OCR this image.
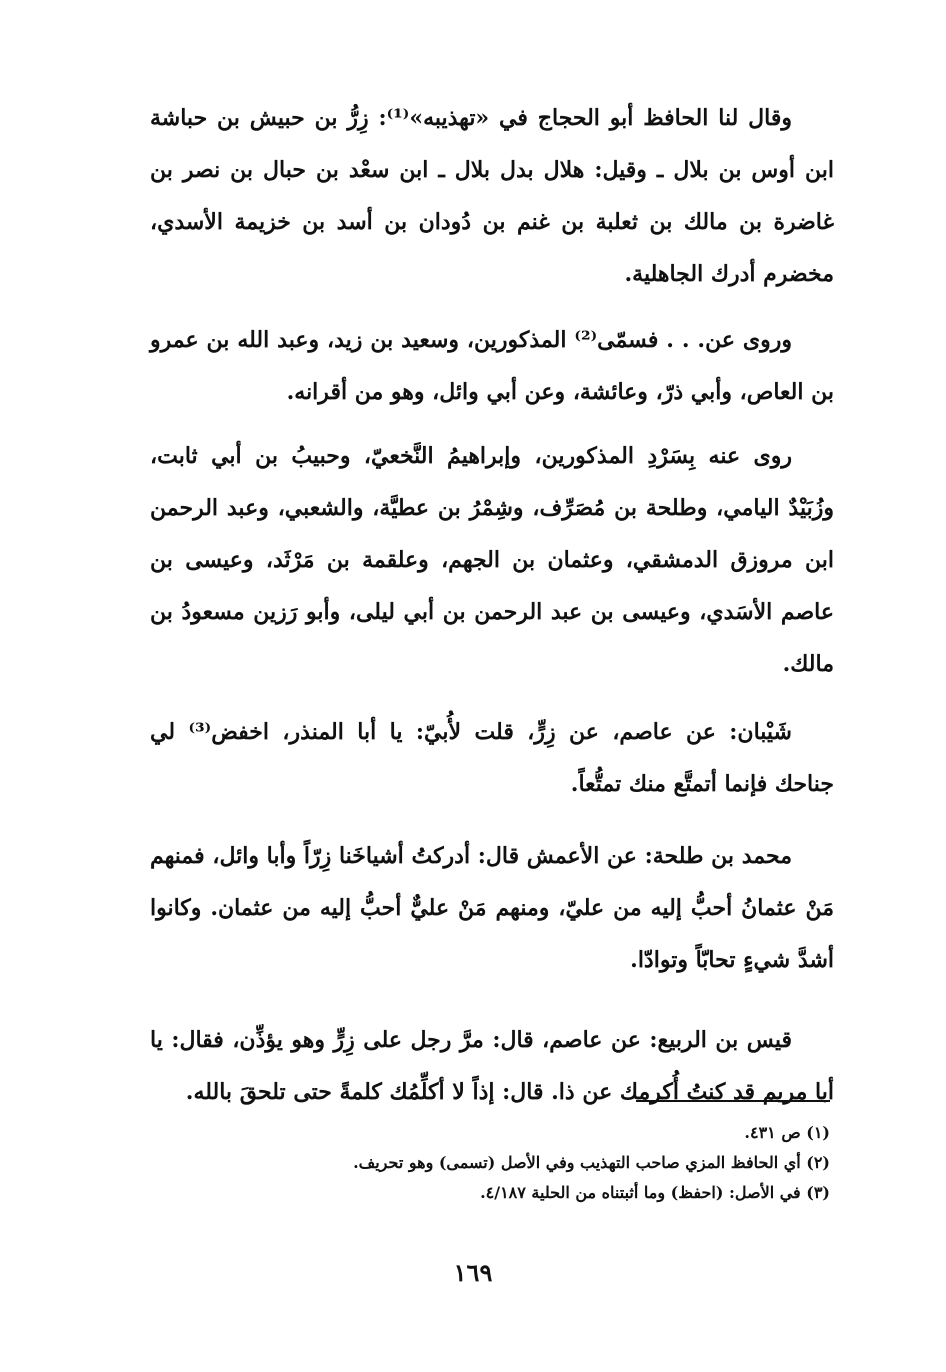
وقال لنا الحافظ أبو الحجاج في «تهذيبه»⁽¹⁾: زِرُّ بن حبيش بن حباشة ابن أوس بن بلال ـ وقيل: هلال بدل بلال ـ ابن سعْد بن حبال بن نصر بن غاضرة بن مالك بن ثعلبة بن غنم بن دُودان بن أسد بن خزيمة الأسدي، مخضرم أدرك الجاهلية.

وروى عن. . . فسمّى⁽²⁾ المذكورين، وسعيد بن زيد، وعبد الله بن عمرو بن العاص، وأبي ذرّ، وعائشة، وعن أبي وائل، وهو من أقرانه.

روى عنه بِسَرْدِ المذكورين، وإبراهيمُ النَّخعيّ، وحبيبُ بن أبي ثابت، وزُبَيْدٌ اليامي، وطلحة بن مُصَرِّف، وشِمْرُ بن عطيَّة، والشعبي، وعبد الرحمن ابن مروزق الدمشقي، وعثمان بن الجهم، وعلقمة بن مَرْثَد، وعيسى بن عاصم الأسَدي، وعيسى بن عبد الرحمن بن أبي ليلى، وأبو رَزين مسعودُ بن مالك.

شَيْبان: عن عاصم، عن زِرٍّ، قلت لأُبيّ: يا أبا المنذر، اخفض⁽³⁾ لي جناحك فإنما أتمتَّع منك تمتُّعاً.

محمد بن طلحة: عن الأعمش قال: أدركتُ أشياخَنا زِرّاً وأبا وائل، فمنهم مَنْ عثمانُ أحبُّ إليه من عليّ، ومنهم مَنْ عليٌّ أحبُّ إليه من عثمان. وكانوا أشدَّ شيءٍ تحابّاً وتوادّا.

قيس بن الربيع: عن عاصم، قال: مرَّ رجل على زِرٍّ وهو يؤذِّن، فقال: يا أبا مريم قد كنتُ أُكرمك عن ذا. قال: إذاً لا أكلِّمُك كلمةً حتى تلحقَ بالله.

(١) ص ٤٣١.

(٢) أي الحافظ المزي صاحب التهذيب وفي الأصل (تسمى) وهو تحريف.

(٣) في الأصل: (احفظ) وما أثبتناه من الحلية ٤/١٨٧.

١٦٩
